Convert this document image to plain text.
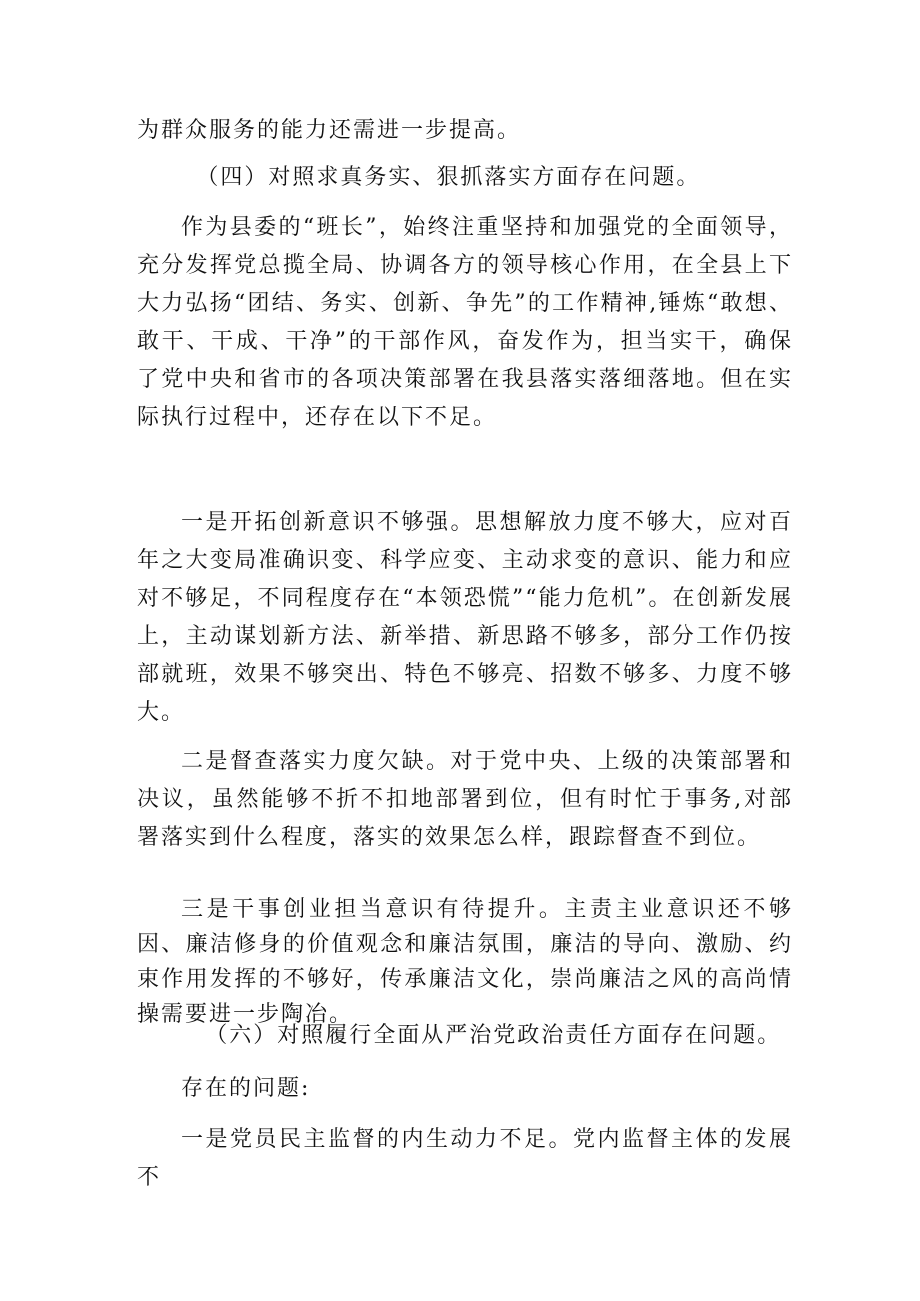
为群众服务的能力还需进一步提高。

（四）对照求真务实、狠抓落实方面存在问题。

作为县委的“班长”，始终注重坚持和加强党的全面领导，充分发挥党总揽全局、协调各方的领导核心作用，在全县上下大力弘扬“团结、务实、创新、争先”的工作精神,锤炼“敢想、敢干、干成、干净”的干部作风，奋发作为，担当实干，确保了党中央和省市的各项决策部署在我县落实落细落地。但在实际执行过程中，还存在以下不足。

一是开拓创新意识不够强。思想解放力度不够大，应对百年之大变局准确识变、科学应变、主动求变的意识、能力和应对不够足，不同程度存在“本领恐慌”“能力危机”。在创新发展上，主动谋划新方法、新举措、新思路不够多，部分工作仍按部就班，效果不够突出、特色不够亮、招数不够多、力度不够大。

二是督查落实力度欠缺。对于党中央、上级的决策部署和决议，虽然能够不折不扣地部署到位，但有时忙于事务,对部署落实到什么程度，落实的效果怎么样，跟踪督查不到位。

三是干事创业担当意识有待提升。主责主业意识还不够因、廉洁修身的价值观念和廉洁氛围，廉洁的导向、激励、约束作用发挥的不够好，传承廉洁文化，崇尚廉洁之风的高尚情操需要进一步陶冶。

（六）对照履行全面从严治党政治责任方面存在问题。

存在的问题:

一是党员民主监督的内生动力不足。党内监督主体的发展不
